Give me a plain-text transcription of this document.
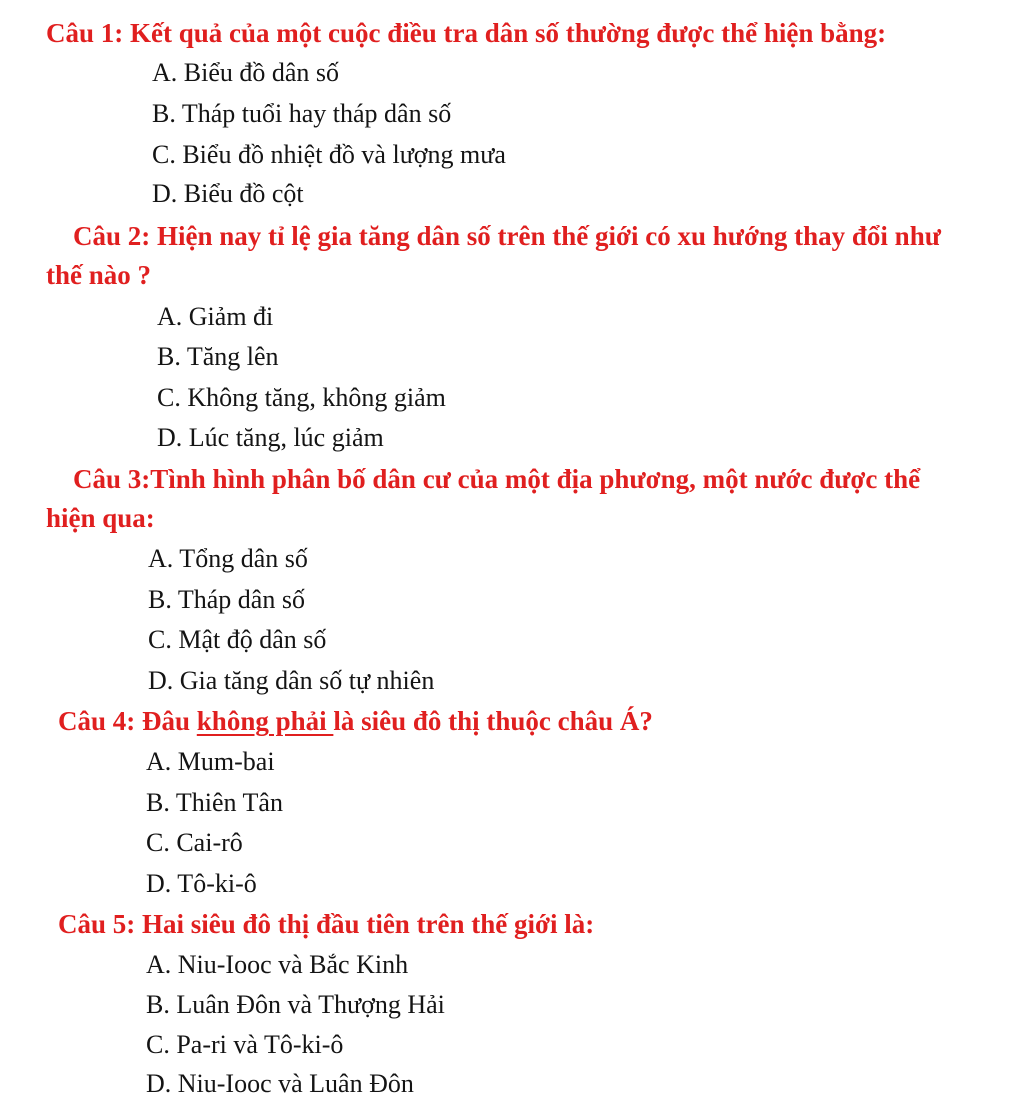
Câu 1: Kết quả của một cuộc điều tra dân số thường được thể hiện bằng:
A. Biểu đồ dân số
B. Tháp tuổi hay tháp dân số
C. Biểu đồ nhiệt đồ và lượng mưa
D. Biểu đồ cột
Câu 2: Hiện nay tỉ lệ gia tăng dân số trên thế giới có xu hướng thay đổi như
thế nào ?
A. Giảm đi
B. Tăng lên
C. Không tăng, không giảm
D. Lúc tăng, lúc giảm
Câu 3:Tình hình phân bố dân cư của một địa phương, một nước được thể
hiện qua:
A. Tổng dân số
B. Tháp dân số
C. Mật độ dân số
D. Gia tăng dân số tự nhiên
Câu 4: Đâu không phải là siêu đô thị thuộc châu Á?
A. Mum-bai
B. Thiên Tân
C. Cai-rô
D. Tô-ki-ô
Câu 5: Hai siêu đô thị đầu tiên trên thế giới là:
A. Niu-Iooc và Bắc Kinh
B. Luân Đôn và Thượng Hải
C. Pa-ri và Tô-ki-ô
D. Niu-Iooc và Luân Đôn
